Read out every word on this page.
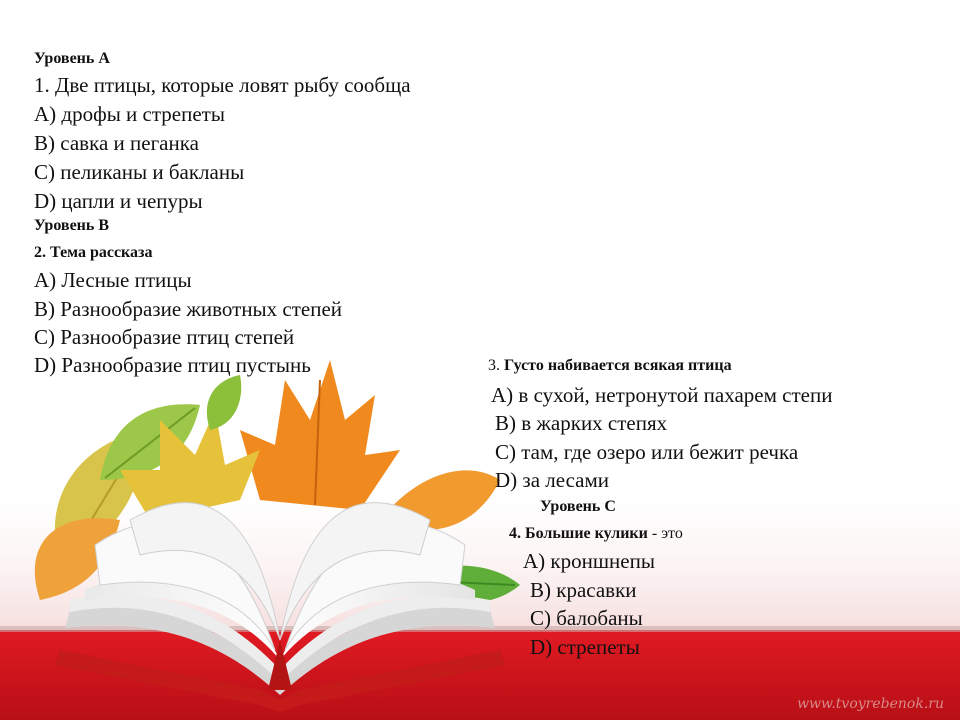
Уровень А
1. Две птицы, которые ловят рыбу сообща
A) дрофы и стрепеты
B) савка и пеганка
C) пеликаны и бакланы
D) цапли и чепуры
Уровень В
2. Тема рассказа
A) Лесные птицы
B) Разнообразие животных степей
C) Разнообразие птиц степей
D) Разнообразие птиц пустынь	3. Густо набивается всякая птица
A) в сухой, нетронутой пахарем степи
B) в жарких степях
C) там, где озеро или бежит речка
D) за лесами
Уровень С
4. Большие кулики - это
A) кроншнепы
B) красавки
C) балобаны
D) стрепеты
www.tvoyrebenok.ru
